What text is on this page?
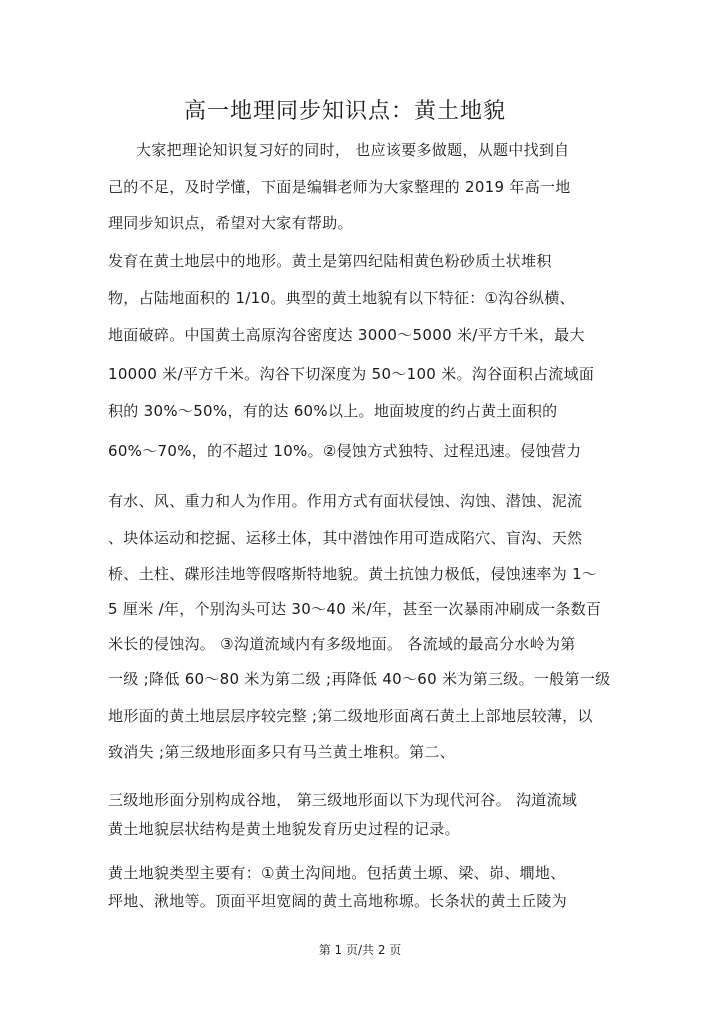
高一地理同步知识点：黄土地貌
大家把理论知识复习好的同时， 也应该要多做题，从题中找到自
己的不足，及时学懂，下面是编辑老师为大家整理的 2019 年高一地
理同步知识点，希望对大家有帮助。
发育在黄土地层中的地形。黄土是第四纪陆相黄色粉砂质土状堆积
物，占陆地面积的 1/10。典型的黄土地貌有以下特征：①沟谷纵横、
地面破碎。中国黄土高原沟谷密度达 3000～5000 米/平方千米，最大
10000 米/平方千米。沟谷下切深度为 50～100 米。沟谷面积占流域面
积的 30%～50%，有的达 60%以上。地面坡度的约占黄土面积的
60%～70%，的不超过 10%。②侵蚀方式独特、过程迅速。侵蚀营力
有水、风、重力和人为作用。作用方式有面状侵蚀、沟蚀、潜蚀、泥流
、块体运动和挖掘、运移土体，其中潜蚀作用可造成陷穴、盲沟、天然
桥、土柱、碟形洼地等假喀斯特地貌。黄土抗蚀力极低，侵蚀速率为 1～
5 厘米 /年，个别沟头可达 30～40 米/年，甚至一次暴雨冲刷成一条数百
米长的侵蚀沟。 ③沟道流域内有多级地面。 各流域的最高分水岭为第
一级 ;降低 60～80 米为第二级 ;再降低 40～60 米为第三级。一般第一级
地形面的黄土地层层序较完整 ;第二级地形面离石黄土上部地层较薄，以
致消失 ;第三级地形面多只有马兰黄土堆积。第二、
三级地形面分别构成谷地， 第三级地形面以下为现代河谷。 沟道流域
黄土地貌层状结构是黄土地貌发育历史过程的记录。
黄土地貌类型主要有：①黄土沟间地。包括黄土塬、梁、峁、墹地、
坪地、湫地等。顶面平坦宽阔的黄土高地称塬。长条状的黄土丘陵为
第 1 页/共 2 页
